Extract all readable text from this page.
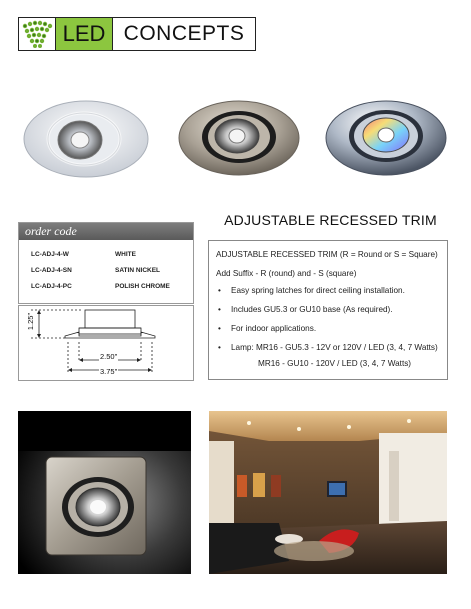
LED CONCEPTS
order code
LC-ADJ-4-W	WHITE
LC-ADJ-4-SN	SATIN NICKEL
LC-ADJ-4-PC	POLISH CHROME
1.25"
2.50"
3.75"
ADJUSTABLE RECESSED TRIM
ADJUSTABLE RECESSED TRIM (R = Round or S = Square)
Add Suffix - R (round) and - S (square)
• Easy spring latches for direct ceiling installation.
• Includes GU5.3 or GU10 base (As required).
• For indoor applications.
• Lamp: MR16 - GU5.3 - 12V or 120V / LED (3, 4, 7 Watts)
MR16 - GU10 - 120V / LED (3, 4, 7 Watts)
